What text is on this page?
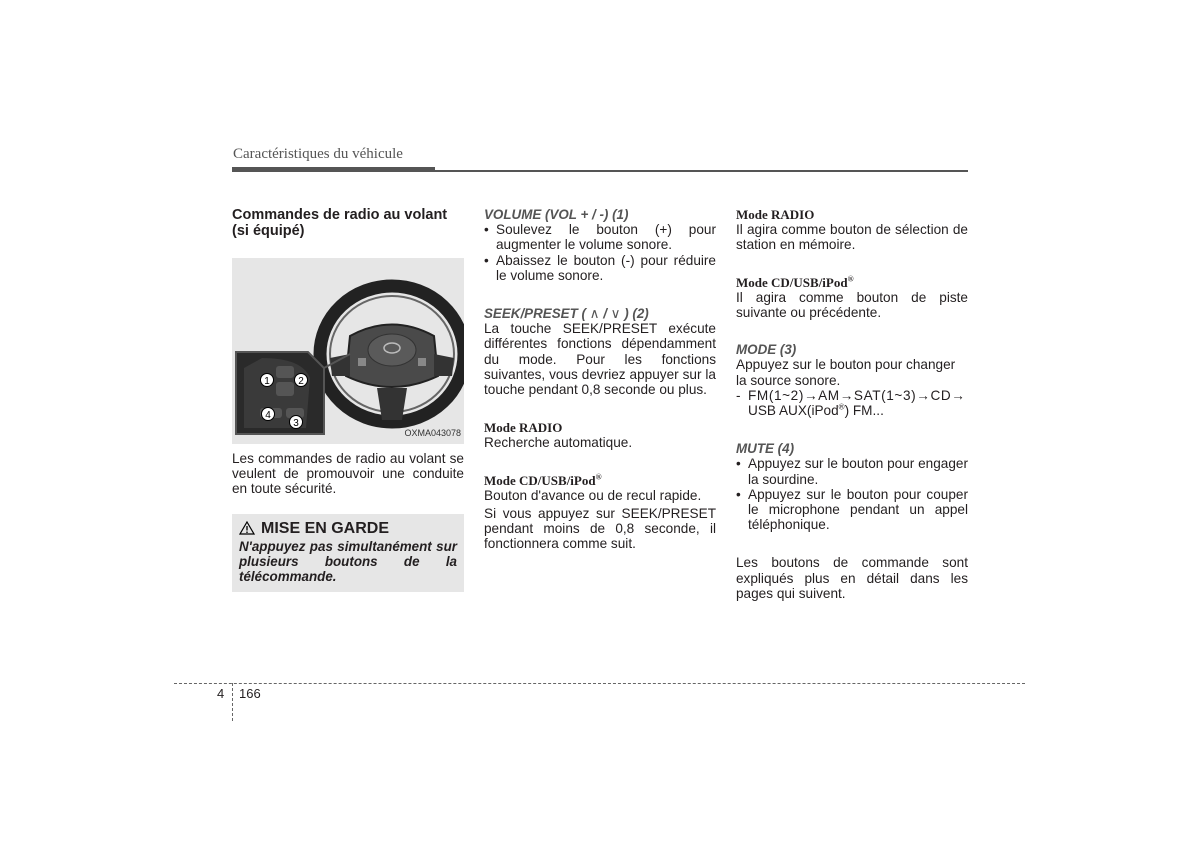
Caractéristiques du véhicule

Commandes de radio au volant (si équipé)

1	2
3
4
OXMA043078

Les commandes de radio au volant se veulent de promouvoir une conduite en toute sécurité.

MISE EN GARDE
N'appuyez pas simultanément sur plusieurs boutons de la télécommande.

VOLUME (VOL + / -) (1)

• Soulevez le bouton (+) pour augmenter le volume sonore.
• Abaissez le bouton (-) pour réduire le volume sonore.

SEEK/PRESET ( ∧ / ∨ ) (2)

La touche SEEK/PRESET exécute différentes fonctions dépendamment du mode. Pour les fonctions suivantes, vous devriez appuyer sur la touche pendant 0,8 seconde ou plus.

Mode RADIO

Recherche automatique.

Mode CD/USB/iPod®

Bouton d'avance ou de recul rapide.

Si vous appuyez sur SEEK/PRESET pendant moins de 0,8 seconde, il fonctionnera comme suit.

Mode RADIO

Il agira comme bouton de sélection de station en mémoire.

Mode CD/USB/iPod®

Il agira comme bouton de piste suivante ou précédente.

MODE (3)

Appuyez sur le bouton pour changer la source sonore.

- FM(1~2)→AM→SAT(1~3)→CD→
USB AUX(iPod®) FM...

MUTE (4)

• Appuyez sur le bouton pour engager la sourdine.
• Appuyez sur le bouton pour couper le microphone pendant un appel téléphonique.

Les boutons de commande sont expliqués plus en détail dans les pages qui suivent.

4 166
